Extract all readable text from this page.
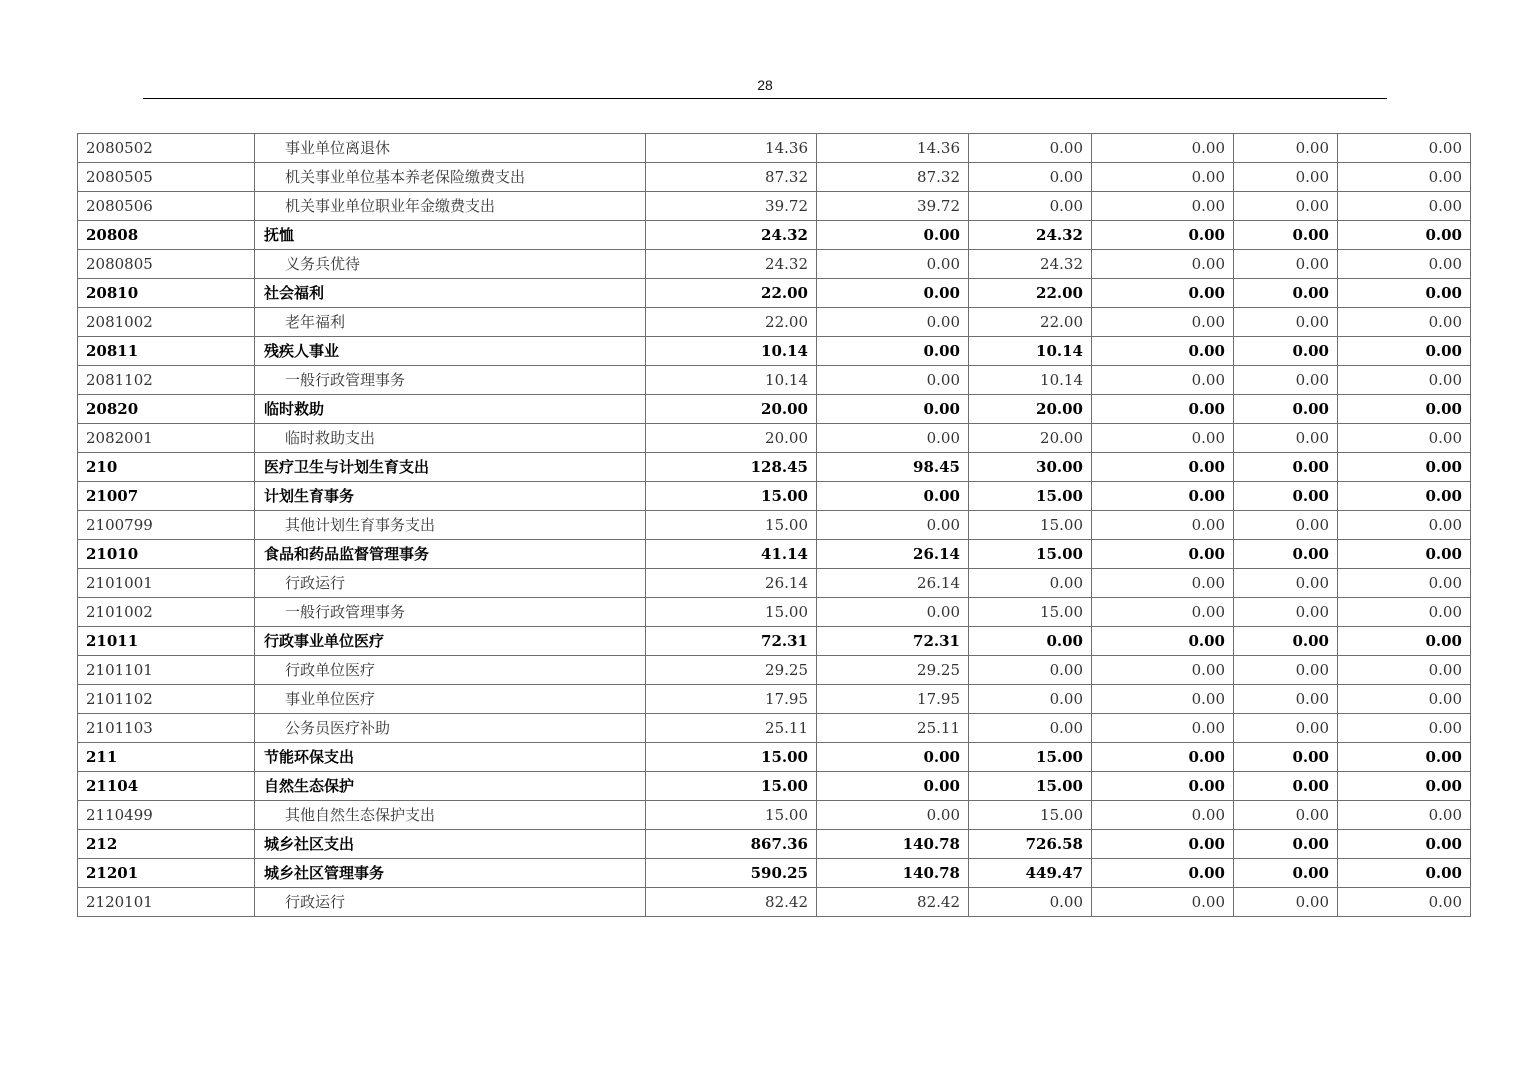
28
2080502	事业单位离退休	14.36	14.36	0.00	0.00	0.00	0.00
2080505	机关事业单位基本养老保险缴费支出	87.32	87.32	0.00	0.00	0.00	0.00
2080506	机关事业单位职业年金缴费支出	39.72	39.72	0.00	0.00	0.00	0.00
20808	抚恤	24.32	0.00	24.32	0.00	0.00	0.00
2080805	义务兵优待	24.32	0.00	24.32	0.00	0.00	0.00
20810	社会福利	22.00	0.00	22.00	0.00	0.00	0.00
2081002	老年福利	22.00	0.00	22.00	0.00	0.00	0.00
20811	残疾人事业	10.14	0.00	10.14	0.00	0.00	0.00
2081102	一般行政管理事务	10.14	0.00	10.14	0.00	0.00	0.00
20820	临时救助	20.00	0.00	20.00	0.00	0.00	0.00
2082001	临时救助支出	20.00	0.00	20.00	0.00	0.00	0.00
210	医疗卫生与计划生育支出	128.45	98.45	30.00	0.00	0.00	0.00
21007	计划生育事务	15.00	0.00	15.00	0.00	0.00	0.00
2100799	其他计划生育事务支出	15.00	0.00	15.00	0.00	0.00	0.00
21010	食品和药品监督管理事务	41.14	26.14	15.00	0.00	0.00	0.00
2101001	行政运行	26.14	26.14	0.00	0.00	0.00	0.00
2101002	一般行政管理事务	15.00	0.00	15.00	0.00	0.00	0.00
21011	行政事业单位医疗	72.31	72.31	0.00	0.00	0.00	0.00
2101101	行政单位医疗	29.25	29.25	0.00	0.00	0.00	0.00
2101102	事业单位医疗	17.95	17.95	0.00	0.00	0.00	0.00
2101103	公务员医疗补助	25.11	25.11	0.00	0.00	0.00	0.00
211	节能环保支出	15.00	0.00	15.00	0.00	0.00	0.00
21104	自然生态保护	15.00	0.00	15.00	0.00	0.00	0.00
2110499	其他自然生态保护支出	15.00	0.00	15.00	0.00	0.00	0.00
212	城乡社区支出	867.36	140.78	726.58	0.00	0.00	0.00
21201	城乡社区管理事务	590.25	140.78	449.47	0.00	0.00	0.00
2120101	行政运行	82.42	82.42	0.00	0.00	0.00	0.00
